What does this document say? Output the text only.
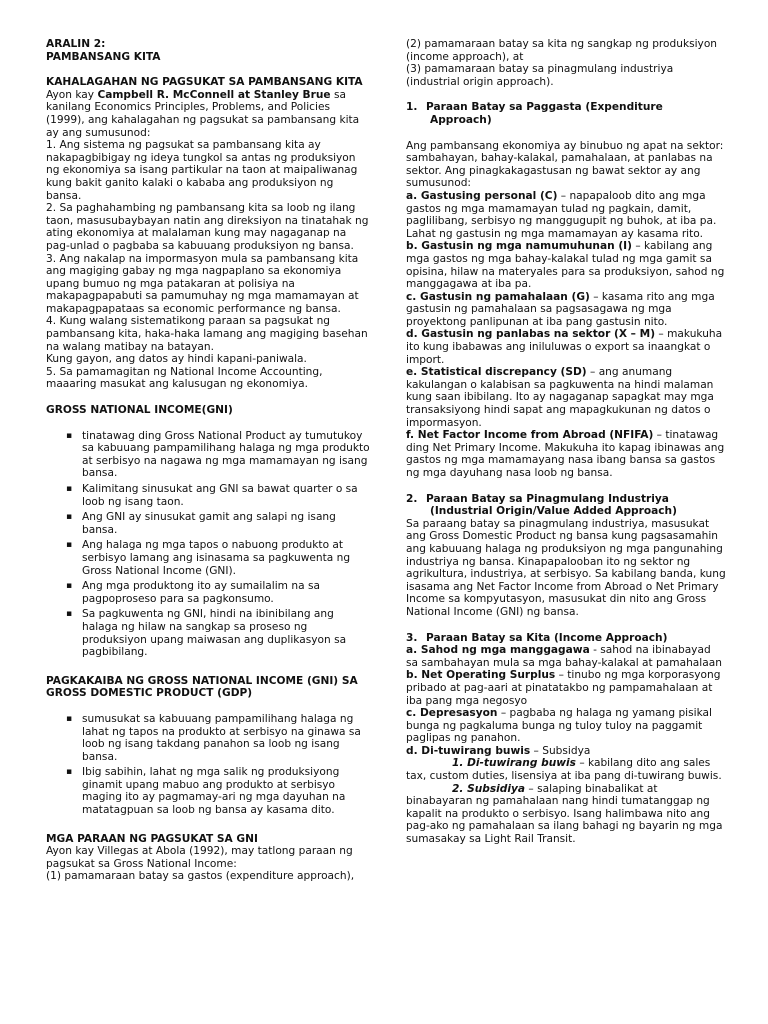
ARALIN 2:

PAMBANSANG KITA

KAHALAGAHAN NG PAGSUKAT SA PAMBANSANG KITA

Ayon kay Campbell R. McConnell at Stanley Brue sa kanilang Economics Principles, Problems, and Policies (1999), ang kahalagahan ng pagsukat sa pambansang kita ay ang sumusunod:

1. Ang sistema ng pagsukat sa pambansang kita ay nakapagbibigay ng ideya tungkol sa antas ng produksiyon ng ekonomiya sa isang partikular na taon at maipaliwanag kung bakit ganito kalaki o kababa ang produksiyon ng bansa.

2. Sa paghahambing ng pambansang kita sa loob ng ilang taon, masusubaybayan natin ang direksiyon na tinatahak ng ating ekonomiya at malalaman kung may nagaganap na pag-unlad o pagbaba sa kabuuang produksiyon ng bansa.

3. Ang nakalap na impormasyon mula sa pambansang kita ang magiging gabay ng mga nagpaplano sa ekonomiya upang bumuo ng mga patakaran at polisiya na makapagpapabuti sa pamumuhay ng mga mamamayan at makapagpapataas sa economic performance ng bansa.

4. Kung walang sistematikong paraan sa pagsukat ng pambansang kita, haka-haka lamang ang magiging basehan na walang matibay na batayan.

Kung gayon, ang datos ay hindi kapani-paniwala.

5. Sa pamamagitan ng National Income Accounting, maaaring masukat ang kalusugan ng ekonomiya.

GROSS NATIONAL INCOME(GNI)

▪ tinatawag ding Gross National Product ay tumutukoy sa kabuuang pampamilihang halaga ng mga produkto at serbisyo na nagawa ng mga mamamayan ng isang bansa.
▪ Kalimitang sinusukat ang GNI sa bawat quarter o sa loob ng isang taon.
▪ Ang GNI ay sinusukat gamit ang salapi ng isang bansa.
▪ Ang halaga ng mga tapos o nabuong produkto at serbisyo lamang ang isinasama sa pagkuwenta ng Gross National Income (GNI).
▪ Ang mga produktong ito ay sumailalim na sa pagpoproseso para sa pagkonsumo.
▪ Sa pagkuwenta ng GNI, hindi na ibinibilang ang halaga ng hilaw na sangkap sa proseso ng produksiyon upang maiwasan ang duplikasyon sa pagbibilang.

PAGKAKAIBA NG GROSS NATIONAL INCOME (GNI) SA GROSS DOMESTIC PRODUCT (GDP)

▪ sumusukat sa kabuuang pampamilihang halaga ng lahat ng tapos na produkto at serbisyo na ginawa sa loob ng isang takdang panahon sa loob ng isang bansa.
▪ Ibig sabihin, lahat ng mga salik ng produksiyong ginamit upang mabuo ang produkto at serbisyo maging ito ay pagmamay-ari ng mga dayuhan na matatagpuan sa loob ng bansa ay kasama dito.

MGA PARAAN NG PAGSUKAT SA GNI

Ayon kay Villegas at Abola (1992), may tatlong paraan ng pagsukat sa Gross National Income:

(1) pamamaraan batay sa gastos (expenditure approach),

(2) pamamaraan batay sa kita ng sangkap ng produksiyon (income approach), at

(3) pamamaraan batay sa pinagmulang industriya (industrial origin approach).

1. Paraan Batay sa Paggasta (Expenditure Approach)

Ang pambansang ekonomiya ay binubuo ng apat na sektor: sambahayan, bahay-kalakal, pamahalaan, at panlabas na sektor. Ang pinagkakagastusan ng bawat sektor ay ang sumusunod:

a. Gastusing personal (C) – napapaloob dito ang mga gastos ng mga mamamayan tulad ng pagkain, damit, paglilibang, serbisyo ng manggugupit ng buhok, at iba pa. Lahat ng gastusin ng mga mamamayan ay kasama rito.

b. Gastusin ng mga namumuhunan (I) – kabilang ang mga gastos ng mga bahay-kalakal tulad ng mga gamit sa opisina, hilaw na materyales para sa produksiyon, sahod ng manggagawa at iba pa.

c. Gastusin ng pamahalaan (G) – kasama rito ang mga gastusin ng pamahalaan sa pagsasagawa ng mga proyektong panlipunan at iba pang gastusin nito.

d. Gastusin ng panlabas na sektor (X – M) – makukuha ito kung ibabawas ang iniluluwas o export sa inaangkat o import.

e. Statistical discrepancy (SD) – ang anumang kakulangan o kalabisan sa pagkuwenta na hindi malaman kung saan ibibilang. Ito ay nagaganap sapagkat may mga transaksiyong hindi sapat ang mapagkukunan ng datos o impormasyon.

f. Net Factor Income from Abroad (NFIFA) – tinatawag ding Net Primary Income. Makukuha ito kapag ibinawas ang gastos ng mga mamamayang nasa ibang bansa sa gastos ng mga dayuhang nasa loob ng bansa.

2. Paraan Batay sa Pinagmulang Industriya (Industrial Origin/Value Added Approach)

Sa paraang batay sa pinagmulang industriya, masusukat ang Gross Domestic Product ng bansa kung pagsasamahin ang kabuuang halaga ng produksiyon ng mga pangunahing industriya ng bansa. Kinapapalooban ito ng sektor ng agrikultura, industriya, at serbisyo. Sa kabilang banda, kung isasama ang Net Factor Income from Abroad o Net Primary Income sa kompyutasyon, masusukat din nito ang Gross National Income (GNI) ng bansa.

3. Paraan Batay sa Kita (Income Approach)

a. Sahod ng mga manggagawa - sahod na ibinabayad sa sambahayan mula sa mga bahay-kalakal at pamahalaan

b. Net Operating Surplus – tinubo ng mga korporasyong pribado at pag-aari at pinatatakbo ng pampamahalaan at iba pang mga negosyo

c. Depresasyon – pagbaba ng halaga ng yamang pisikal bunga ng pagkaluma bunga ng tuloy tuloy na paggamit paglipas ng panahon.

d. Di-tuwirang buwis – Subsidya

1. Di-tuwirang buwis – kabilang dito ang sales tax, custom duties, lisensiya at iba pang di-tuwirang buwis.

2. Subsidiya – salaping binabalikat at binabayaran ng pamahalaan nang hindi tumatanggap ng kapalit na produkto o serbisyo. Isang halimbawa nito ang pag-ako ng pamahalaan sa ilang bahagi ng bayarin ng mga sumasakay sa Light Rail Transit.
